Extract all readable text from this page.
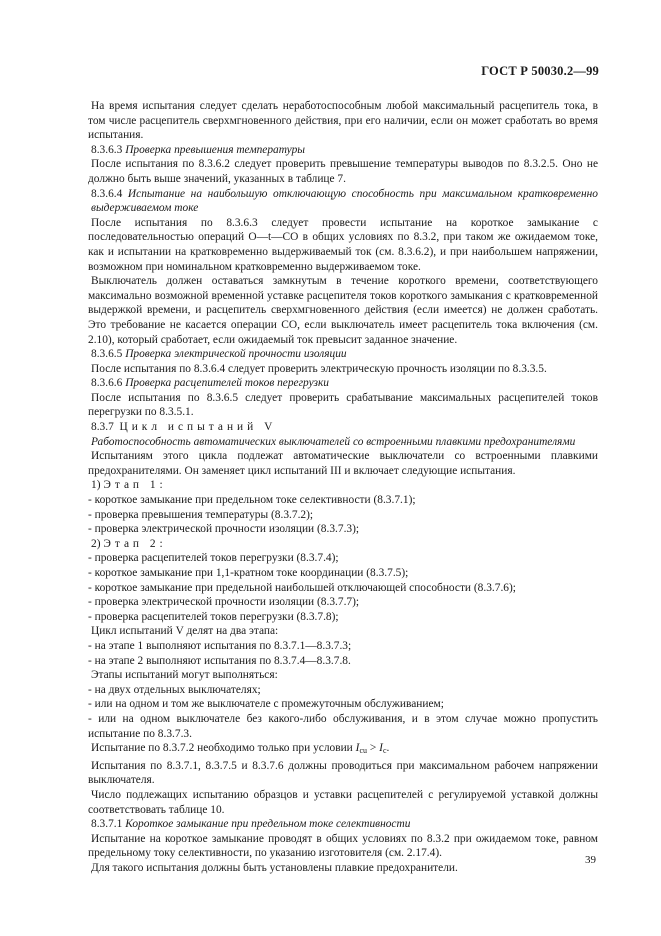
ГОСТ Р 50030.2—99

На время испытания следует сделать неработоспособным любой максимальный расцепитель тока, в том числе расцепитель сверхмгновенного действия, при его наличии, если он может сработать во время испытания.

8.3.6.3 Проверка превышения температуры

После испытания по 8.3.6.2 следует проверить превышение температуры выводов по 8.3.2.5. Оно не должно быть выше значений, указанных в таблице 7.

8.3.6.4 Испытание на наибольшую отключающую способность при максимальном кратковременно выдерживаемом токе

После испытания по 8.3.6.3 следует провести испытание на короткое замыкание с последовательностью операций О—t—CO в общих условиях по 8.3.2, при таком же ожидаемом токе, как и испытании на кратковременно выдерживаемый ток (см. 8.3.6.2), и при наибольшем напряжении, возможном при номинальном кратковременно выдерживаемом токе.

Выключатель должен оставаться замкнутым в течение короткого времени, соответствующего максимально возможной временной уставке расцепителя токов короткого замыкания с кратковременной выдержкой времени, и расцепитель сверхмгновенного действия (если имеется) не должен сработать. Это требование не касается операции СО, если выключатель имеет расцепитель тока включения (см. 2.10), который сработает, если ожидаемый ток превысит заданное значение.

8.3.6.5 Проверка электрической прочности изоляции

После испытания по 8.3.6.4 следует проверить электрическую прочность изоляции по 8.3.3.5.

8.3.6.6 Проверка расцепителей токов перегрузки

После испытания по 8.3.6.5 следует проверить срабатывание максимальных расцепителей токов перегрузки по 8.3.5.1.

8.3.7 Цикл испытаний V

Работоспособность автоматических выключателей со встроенными плавкими предохранителями

Испытаниям этого цикла подлежат автоматические выключатели со встроенными плавкими предохранителями. Он заменяет цикл испытаний III и включает следующие испытания.

1) Этап 1:

- короткое замыкание при предельном токе селективности (8.3.7.1);

- проверка превышения температуры (8.3.7.2);

- проверка электрической прочности изоляции (8.3.7.3);

2) Этап 2:

- проверка расцепителей токов перегрузки (8.3.7.4);

- короткое замыкание при 1,1-кратном токе координации (8.3.7.5);

- короткое замыкание при предельной наибольшей отключающей способности (8.3.7.6);

- проверка электрической прочности изоляции (8.3.7.7);

- проверка расцепителей токов перегрузки (8.3.7.8);

Цикл испытаний V делят на два этапа:

- на этапе 1 выполняют испытания по 8.3.7.1—8.3.7.3;

- на этапе 2 выполняют испытания по 8.3.7.4—8.3.7.8.

Этапы испытаний могут выполняться:

- на двух отдельных выключателях;

- или на одном и том же выключателе с промежуточным обслуживанием;

- или на одном выключателе без какого-либо обслуживания, и в этом случае можно пропустить испытание по 8.3.7.3.

Испытание по 8.3.7.2 необходимо только при условии $I_{cu} > I_c$.

Испытания по 8.3.7.1, 8.3.7.5 и 8.3.7.6 должны проводиться при максимальном рабочем напряжении выключателя.

Число подлежащих испытанию образцов и уставки расцепителей с регулируемой уставкой должны соответствовать таблице 10.

8.3.7.1 Короткое замыкание при предельном токе селективности

Испытание на короткое замыкание проводят в общих условиях по 8.3.2 при ожидаемом токе, равном предельному току селективности, по указанию изготовителя (см. 2.17.4).

Для такого испытания должны быть установлены плавкие предохранители.

39
